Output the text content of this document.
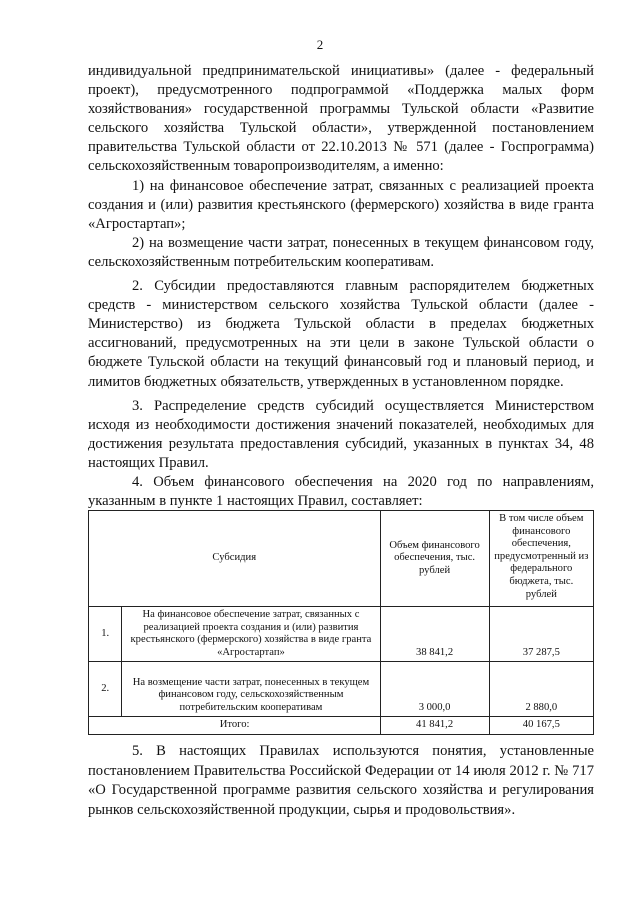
2

индивидуальной предпринимательской инициативы» (далее - федеральный проект), предусмотренного подпрограммой «Поддержка малых форм хозяйствования» государственной программы Тульской области «Развитие сельского хозяйства Тульской области», утвержденной постановлением правительства Тульской области от 22.10.2013 № 571 (далее - Госпрограмма) сельскохозяйственным товаропроизводителям, а именно:

1) на финансовое обеспечение затрат, связанных с реализацией проекта создания и (или) развития крестьянского (фермерского) хозяйства в виде гранта «Агростартап»;

2) на возмещение части затрат, понесенных в текущем финансовом году, сельскохозяйственным потребительским кооперативам.

2. Субсидии предоставляются главным распорядителем бюджетных средств - министерством сельского хозяйства Тульской области (далее - Министерство) из бюджета Тульской области в пределах бюджетных ассигнований, предусмотренных на эти цели в законе Тульской области о бюджете Тульской области на текущий финансовый год и плановый период, и лимитов бюджетных обязательств, утвержденных в установленном порядке.

3. Распределение средств субсидий осуществляется Министерством исходя из необходимости достижения значений показателей, необходимых для достижения результата предоставления субсидий, указанных в пунктах 34, 48 настоящих Правил.

4. Объем финансового обеспечения на 2020 год по направлениям, указанным в пункте 1 настоящих Правил, составляет:

Субсидия		Объем финансового обеспечения, тыс. рублей	В том числе объем финансового обеспечения, предусмотренный из федерального бюджета, тыс. рублей
1.	На финансовое обеспечение затрат, связанных с реализацией проекта создания и (или) развития крестьянского (фермерского) хозяйства в виде гранта «Агростартап»	38 841,2	37 287,5
2.	На возмещение части затрат, понесенных в текущем финансовом году, сельскохозяйственным потребительским кооперативам	3 000,0	2 880,0
Итого:		41 841,2	40 167,5

5. В настоящих Правилах используются понятия, установленные постановлением Правительства Российской Федерации от 14 июля 2012 г. № 717 «О Государственной программе развития сельского хозяйства и регулирования рынков сельскохозяйственной продукции, сырья и продовольствия».
